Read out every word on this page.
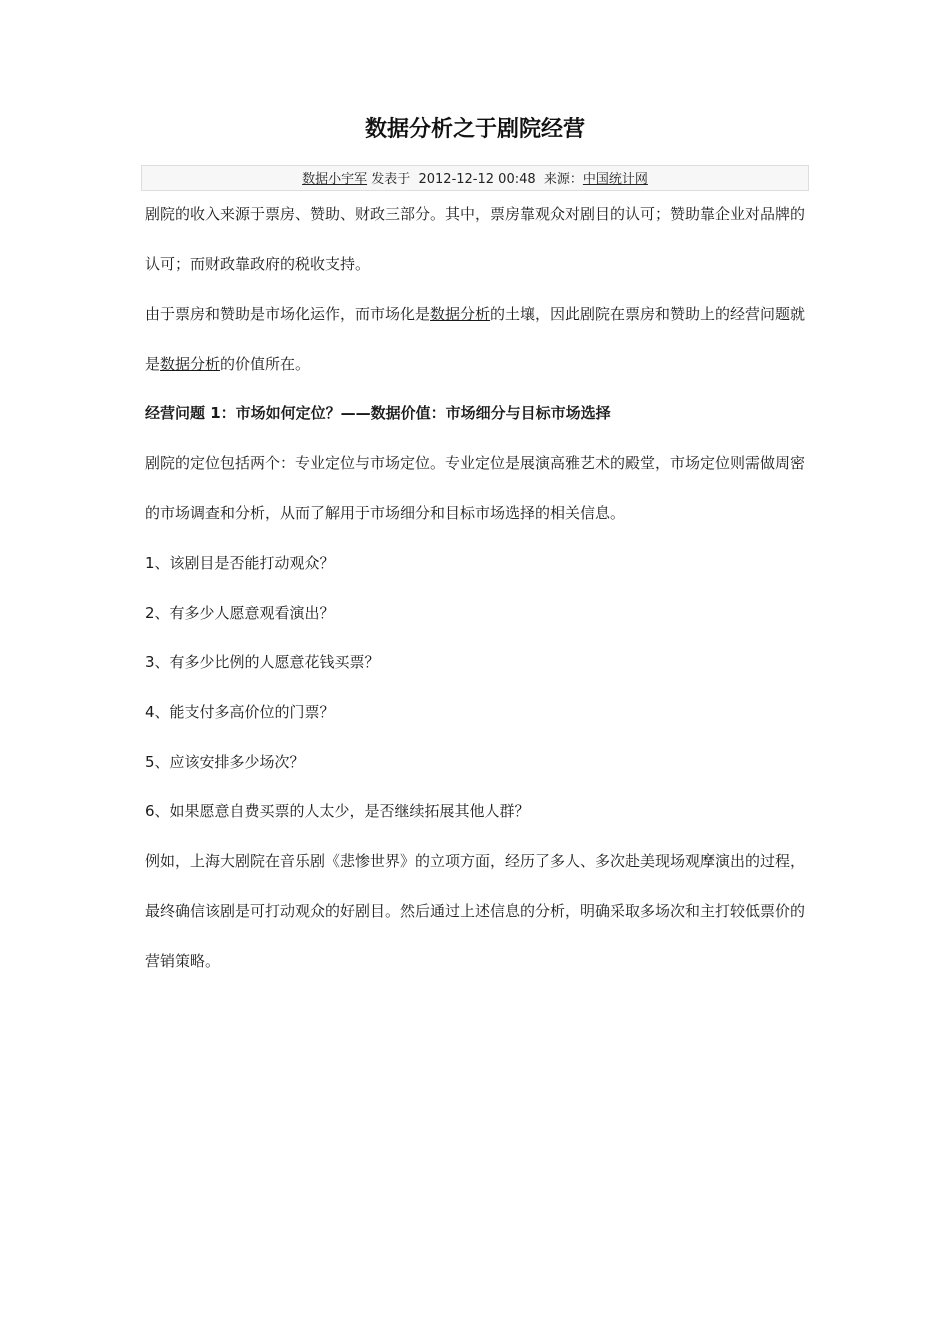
数据分析之于剧院经营
数据小宇军 发表于  2012-12-12 00:48  来源：中国统计网
剧院的收入来源于票房、赞助、财政三部分。其中，票房靠观众对剧目的认可；赞助靠企业对品牌的
认可；而财政靠政府的税收支持。
由于票房和赞助是市场化运作，而市场化是数据分析的土壤，因此剧院在票房和赞助上的经营问题就
是数据分析的价值所在。
经营问题 1：市场如何定位？——数据价值：市场细分与目标市场选择
剧院的定位包括两个：专业定位与市场定位。专业定位是展演高雅艺术的殿堂，市场定位则需做周密
的市场调查和分析，从而了解用于市场细分和目标市场选择的相关信息。
1、该剧目是否能打动观众？
2、有多少人愿意观看演出？
3、有多少比例的人愿意花钱买票？
4、能支付多高价位的门票？
5、应该安排多少场次？
6、如果愿意自费买票的人太少，是否继续拓展其他人群？
例如，上海大剧院在音乐剧《悲惨世界》的立项方面，经历了多人、多次赴美现场观摩演出的过程，
最终确信该剧是可打动观众的好剧目。然后通过上述信息的分析，明确采取多场次和主打较低票价的
营销策略。
